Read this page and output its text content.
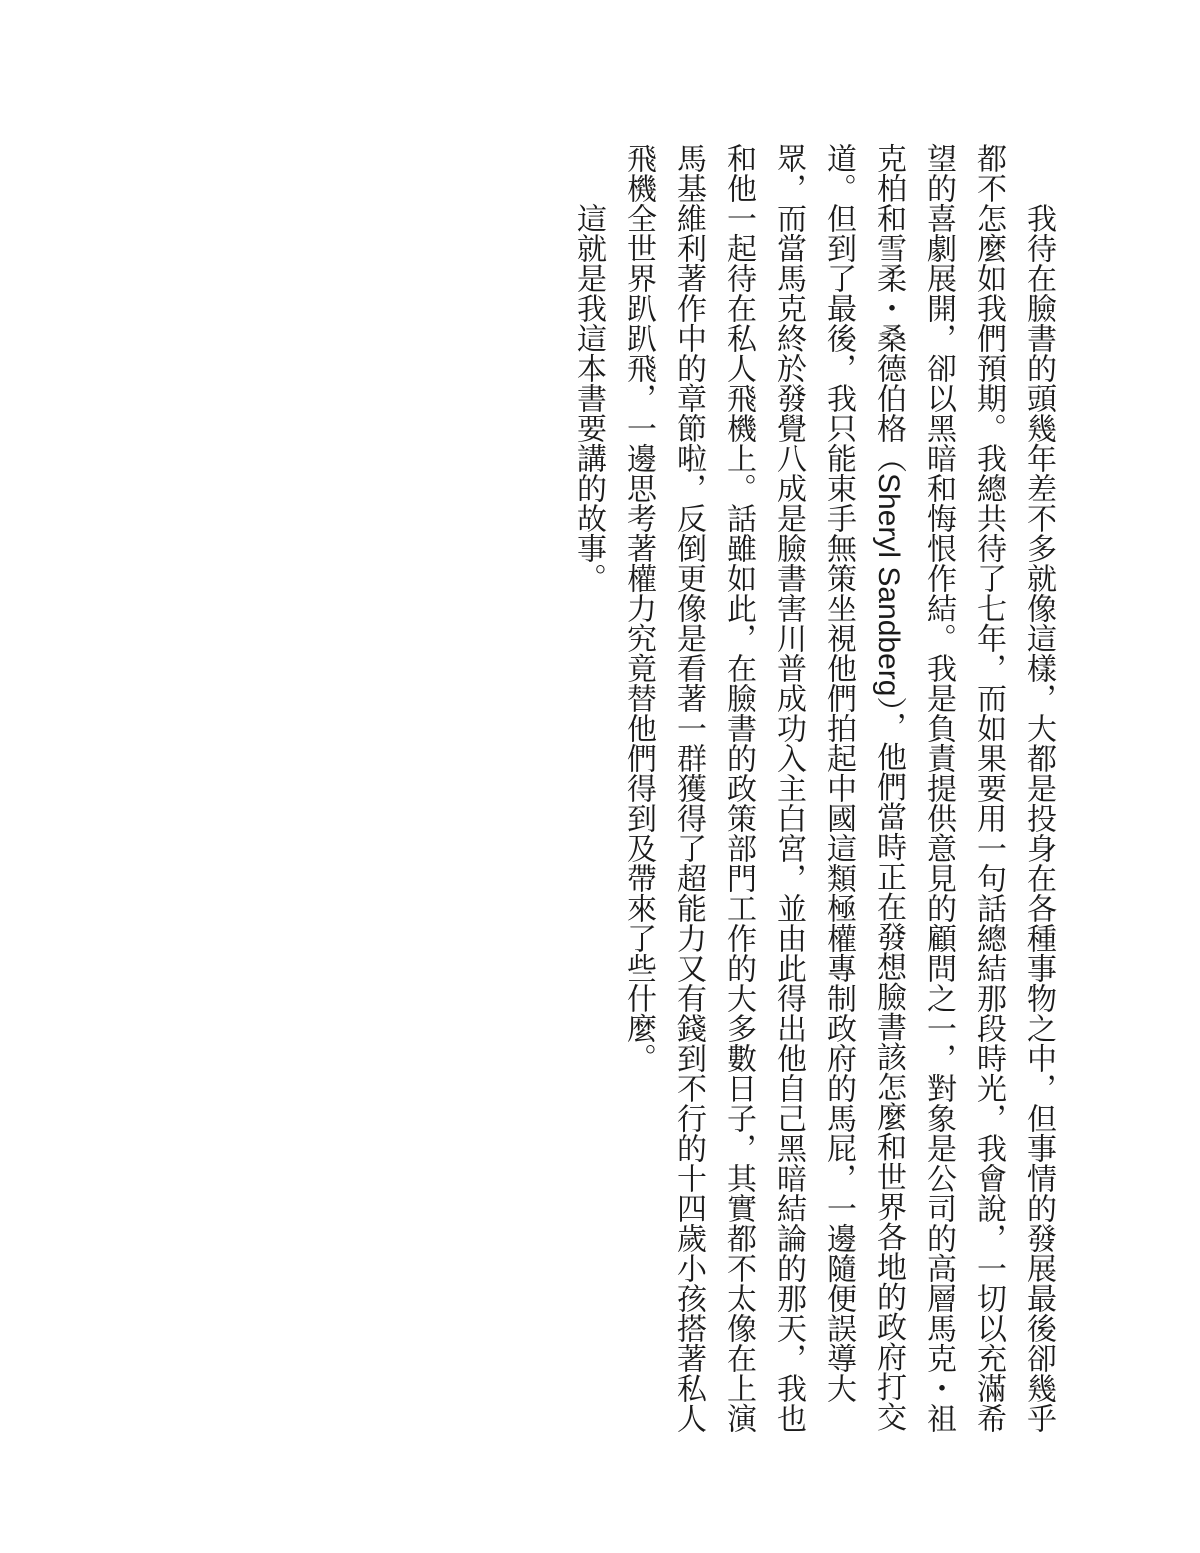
我待在臉書的頭幾年差不多就像這樣，大都是投身在各種事物之中，但事情的發展最後卻幾乎都不怎麼如我們預期。我總共待了七年，而如果要用一句話總結那段時光，我會說，一切以充滿希望的喜劇展開，卻以黑暗和悔恨作結。我是負責提供意見的顧問之一，對象是公司的高層馬克・祖克柏和雪柔・桑德伯格（Sheryl Sandberg），他們當時正在發想臉書該怎麼和世界各地的政府打交道。但到了最後，我只能束手無策坐視他們拍起中國這類極權專制政府的馬屁，一邊隨便誤導大眾，而當馬克終於發覺八成是臉書害川普成功入主白宮，並由此得出他自己黑暗結論的那天，我也和他一起待在私人飛機上。話雖如此，在臉書的政策部門工作的大多數日子，其實都不太像在上演馬基維利著作中的章節啦，反倒更像是看著一群獲得了超能力又有錢到不行的十四歲小孩搭著私人飛機全世界趴趴飛，一邊思考著權力究竟替他們得到及帶來了些什麼。

這就是我這本書要講的故事。
